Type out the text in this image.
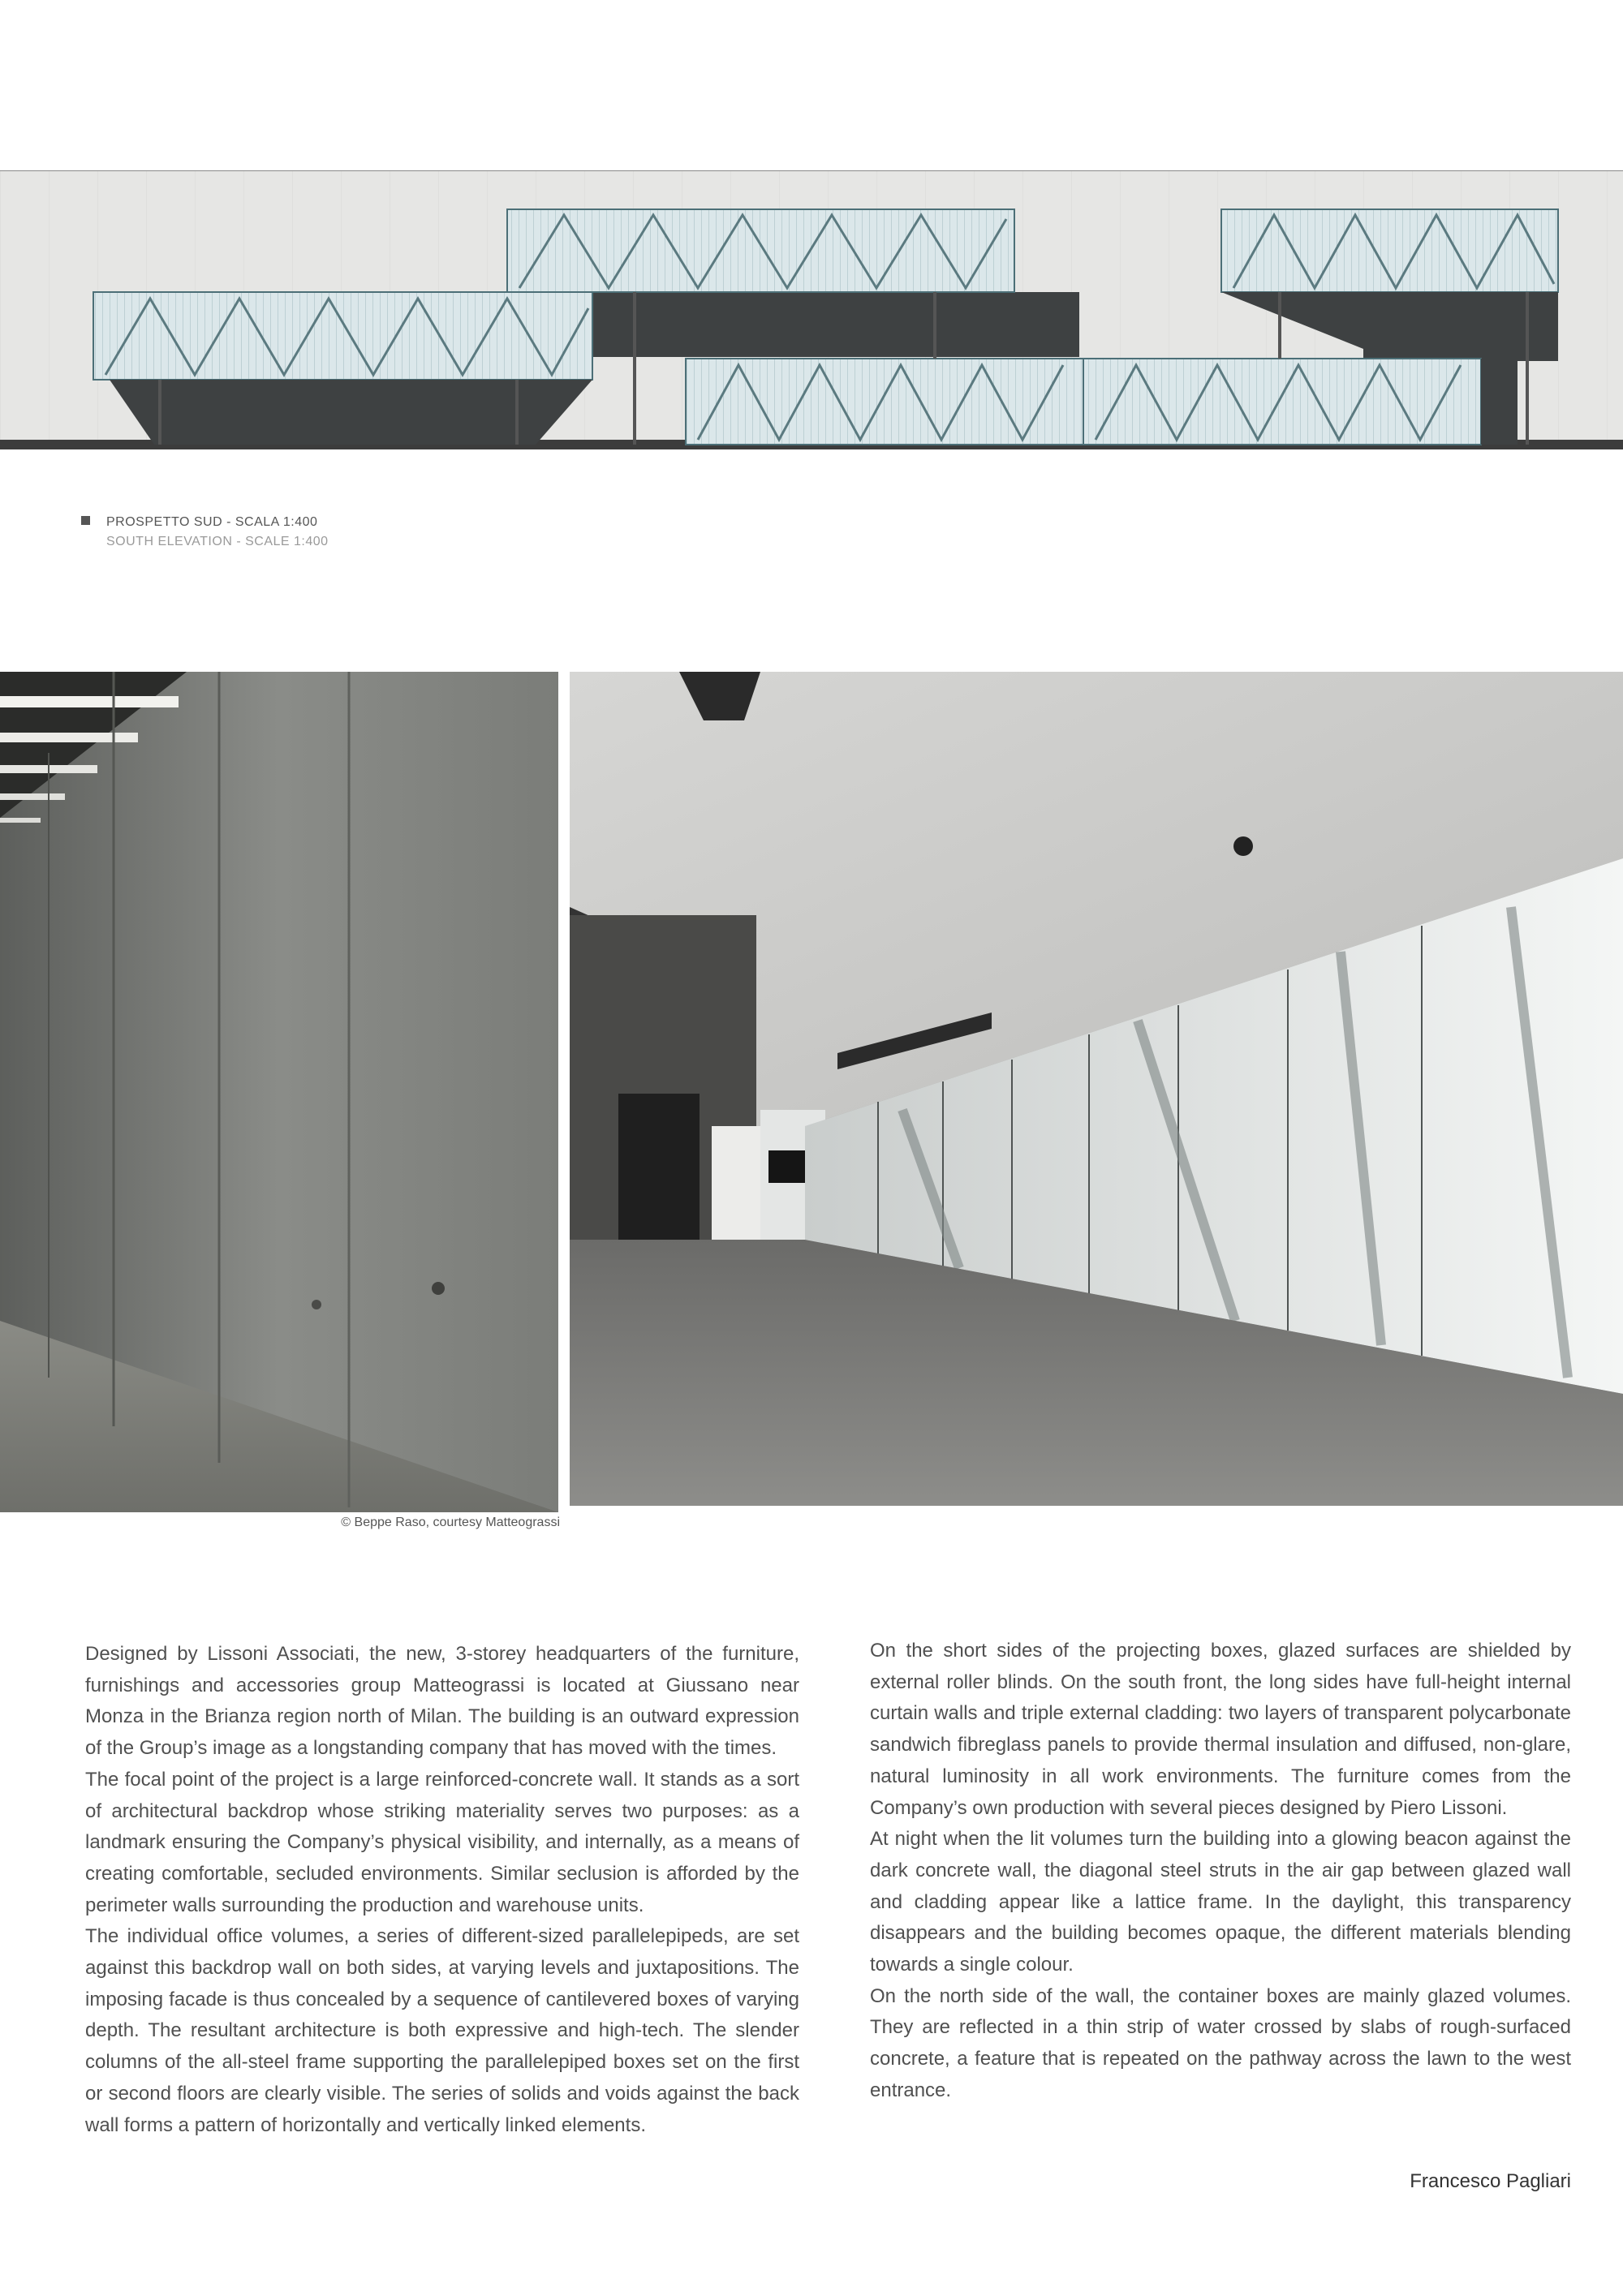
PROSPETTO SUD - SCALA 1:400
SOUTH ELEVATION - SCALE 1:400
© Beppe Raso, courtesy Matteograssi

Designed by Lissoni Associati, the new, 3-storey headquarters of the furniture, furnishings and accessories group Matteograssi is located at Giussano near Monza in the Brianza region north of Milan. The building is an outward expression of the Group’s image as a longstanding company that has moved with the times.

The focal point of the project is a large reinforced-concrete wall. It stands as a sort of architectural backdrop whose striking materiality serves two purposes: as a landmark ensuring the Company’s physical visibility, and internally, as a means of creating comfortable, secluded environments. Similar seclusion is afforded by the perimeter walls surrounding the production and warehouse units.

The individual office volumes, a series of different-sized parallelepipeds, are set against this backdrop wall on both sides, at varying levels and juxtapositions. The imposing facade is thus concealed by a sequence of cantilevered boxes of varying depth. The resultant architecture is both expressive and high-tech. The slender columns of the all-steel frame supporting the parallelepiped boxes set on the first or second floors are clearly visible. The series of solids and voids against the back wall forms a pattern of horizontally and vertically linked elements.

On the short sides of the projecting boxes, glazed surfaces are shielded by external roller blinds. On the south front, the long sides have full-height internal curtain walls and triple external cladding: two layers of transparent polycarbonate sandwich fibreglass panels to provide thermal insulation and diffused, non-glare, natural luminosity in all work environments. The furniture comes from the Company’s own production with several pieces designed by Piero Lissoni.

At night when the lit volumes turn the building into a glowing beacon against the dark concrete wall, the diagonal steel struts in the air gap between glazed wall and cladding appear like a lattice frame. In the daylight, this transparency disappears and the building becomes opaque, the different materials blending towards a single colour.

On the north side of the wall, the container boxes are mainly glazed volumes. They are reflected in a thin strip of water crossed by slabs of rough-surfaced concrete, a feature that is repeated on the pathway across the lawn to the west entrance.

Francesco Pagliari
